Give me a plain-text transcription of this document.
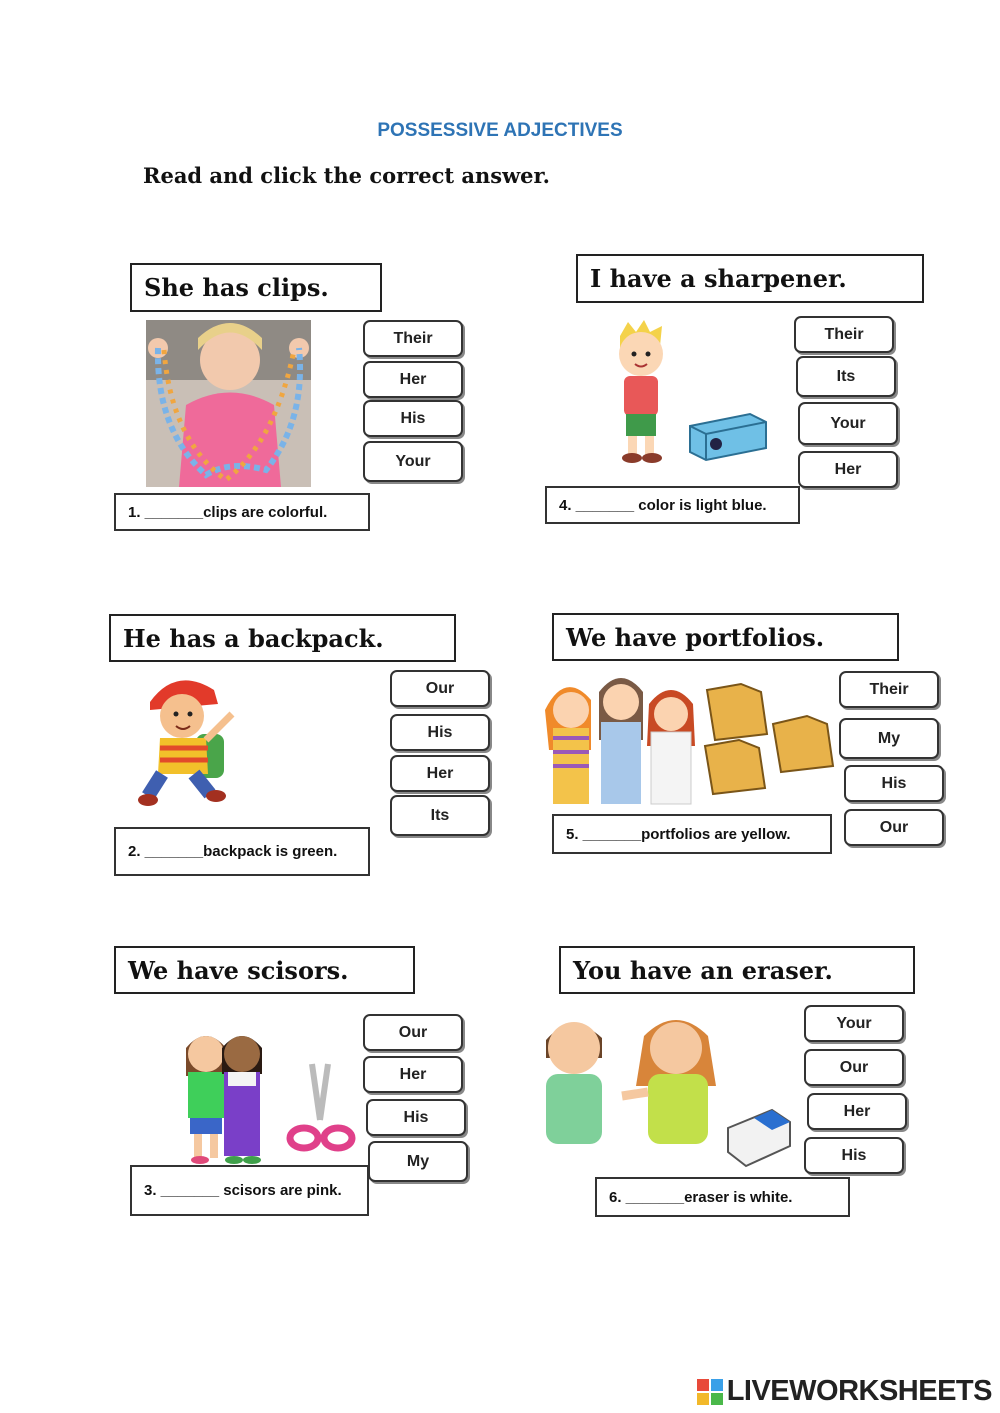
POSSESSIVE ADJECTIVES
Read and click the correct answer.
She has clips.
Their
Her
His
Your
1. _______clips are colorful.
I have a sharpener.
Their
Its
Your
Her
4. _______ color is light blue.
He has a backpack.
Our
His
Her
Its
2. _______backpack is green.
We have portfolios.
Their
My
His
Our
5. _______portfolios are yellow.
We have scisors.
Our
Her
His
My
3. _______ scisors are pink.
You have an eraser.
Your
Our
Her
His
6. _______eraser is white.
LIVEWORKSHEETS
